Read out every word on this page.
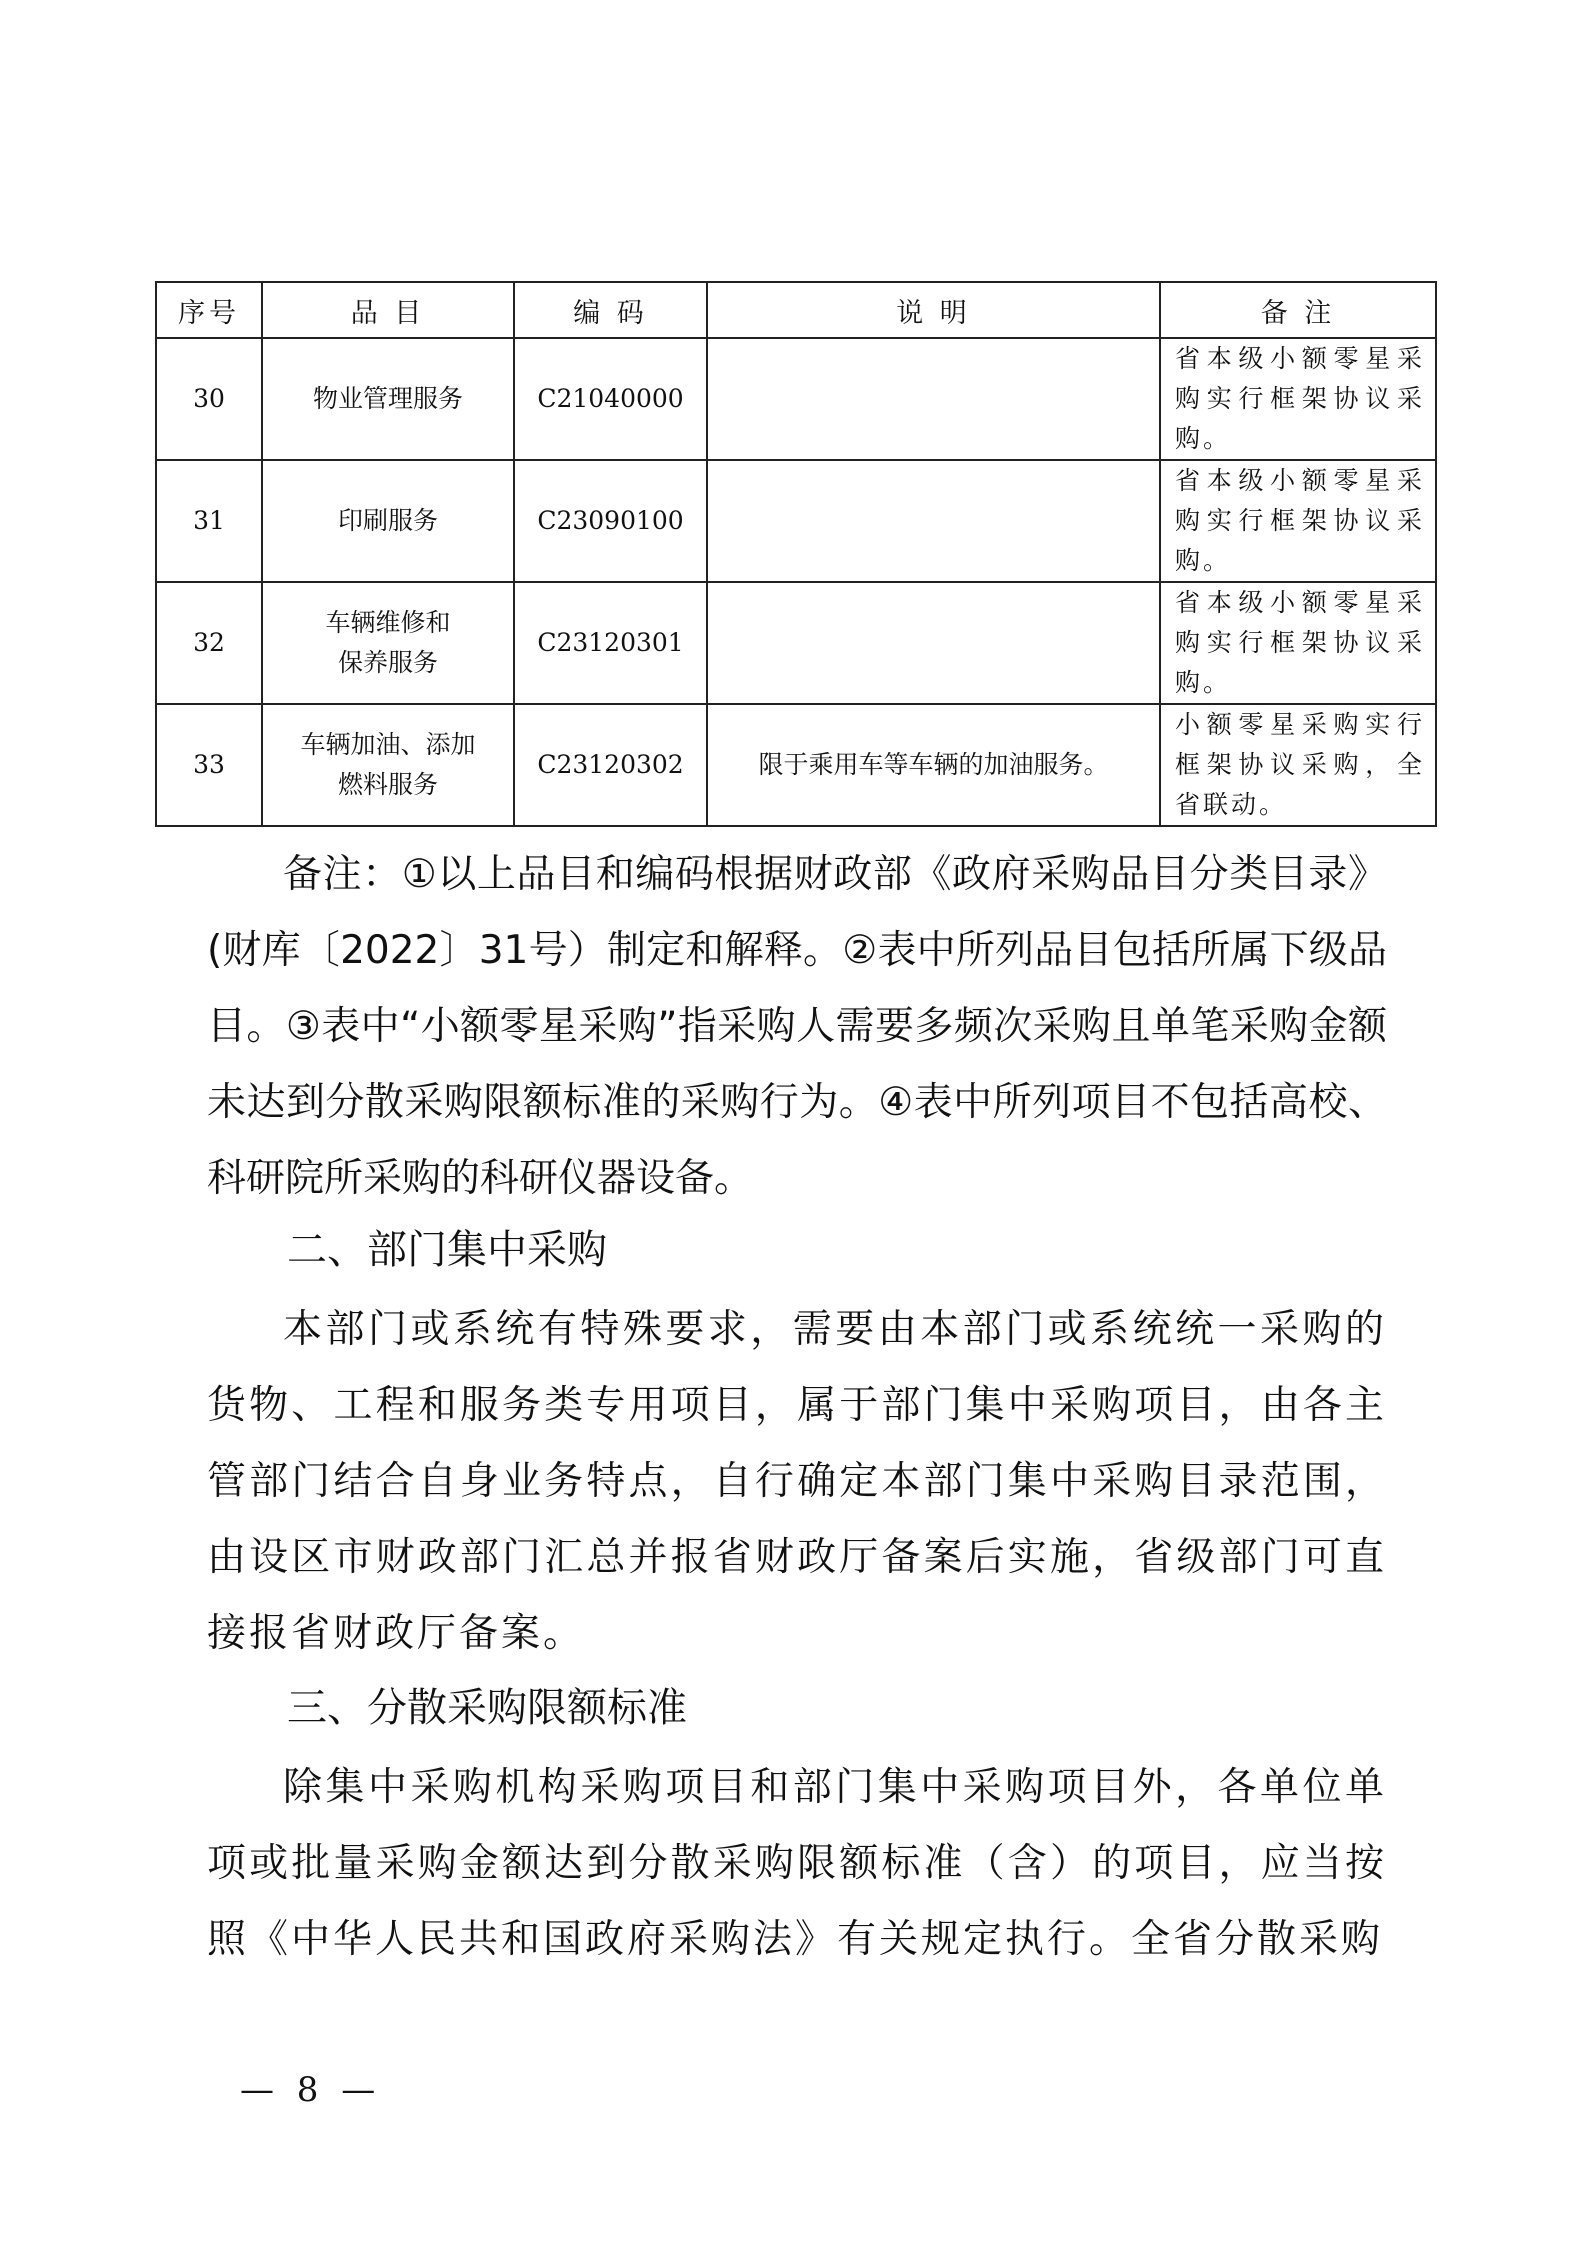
序号	品 目	编 码	说 明	备 注
30	物业管理服务	C21040000		省本级小额零星采购实行框架协议采购。
31	印刷服务	C23090100		省本级小额零星采购实行框架协议采购。
32	车辆维修和保养服务	C23120301		省本级小额零星采购实行框架协议采购。
33	车辆加油、添加燃料服务	C23120302	限于乘用车等车辆的加油服务。	小额零星采购实行框架协议采购，全省联动。

备注：①以上品目和编码根据财政部《政府采购品目分类目录》(财库〔2022〕31号）制定和解释。②表中所列品目包括所属下级品目。③表中“小额零星采购”指采购人需要多频次采购且单笔采购金额未达到分散采购限额标准的采购行为。④表中所列项目不包括高校、科研院所采购的科研仪器设备。

二、部门集中采购

本部门或系统有特殊要求，需要由本部门或系统统一采购的货物、工程和服务类专用项目，属于部门集中采购项目，由各主管部门结合自身业务特点，自行确定本部门集中采购目录范围，由设区市财政部门汇总并报省财政厅备案后实施，省级部门可直接报省财政厅备案。

三、分散采购限额标准

除集中采购机构采购项目和部门集中采购项目外，各单位单项或批量采购金额达到分散采购限额标准（含）的项目，应当按照《中华人民共和国政府采购法》有关规定执行。全省分散采购

— 8 —
